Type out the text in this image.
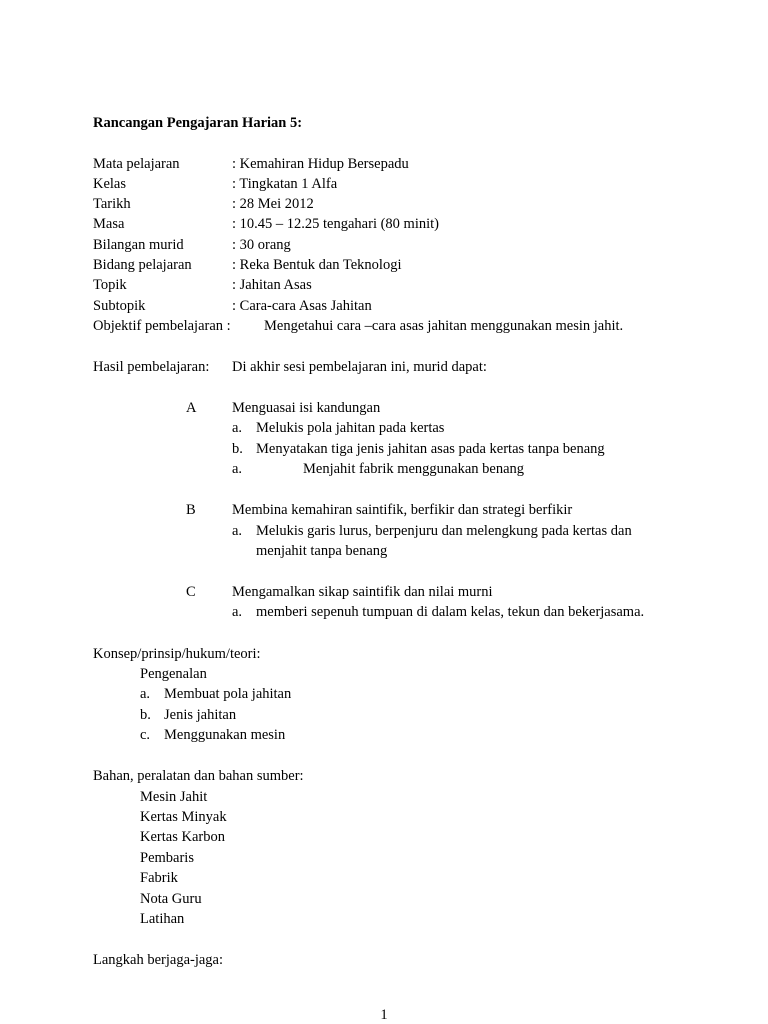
Rancangan Pengajaran Harian 5:
Mata pelajaran	: Kemahiran Hidup Bersepadu
Kelas	: Tingkatan 1 Alfa
Tarikh	: 28 Mei 2012
Masa	: 10.45 – 12.25 tengahari (80 minit)
Bilangan murid	: 30 orang
Bidang pelajaran	: Reka Bentuk dan Teknologi
Topik	: Jahitan Asas
Subtopik	: Cara-cara Asas Jahitan
Objektif pembelajaran : Mengetahui cara –cara asas jahitan menggunakan mesin jahit.
Hasil pembelajaran: Di akhir sesi pembelajaran ini, murid dapat:
A Menguasai isi kandungan
a. Melukis pola jahitan pada kertas
b. Menyatakan tiga jenis jahitan asas pada kertas tanpa benang
a.	Menjahit fabrik menggunakan benang
B	Membina kemahiran saintifik, berfikir dan strategi berfikir
a. Melukis garis lurus, berpenjuru dan melengkung pada kertas dan
menjahit tanpa benang
C	Mengamalkan sikap saintifik dan nilai murni
a. memberi sepenuh tumpuan di dalam kelas, tekun dan bekerjasama.
Konsep/prinsip/hukum/teori:
Pengenalan
a. Membuat pola jahitan
b. Jenis jahitan
c. Menggunakan mesin
Bahan, peralatan dan bahan sumber:
Mesin Jahit
Kertas Minyak
Kertas Karbon
Pembaris
Fabrik
Nota Guru
Latihan
Langkah berjaga-jaga:
1
